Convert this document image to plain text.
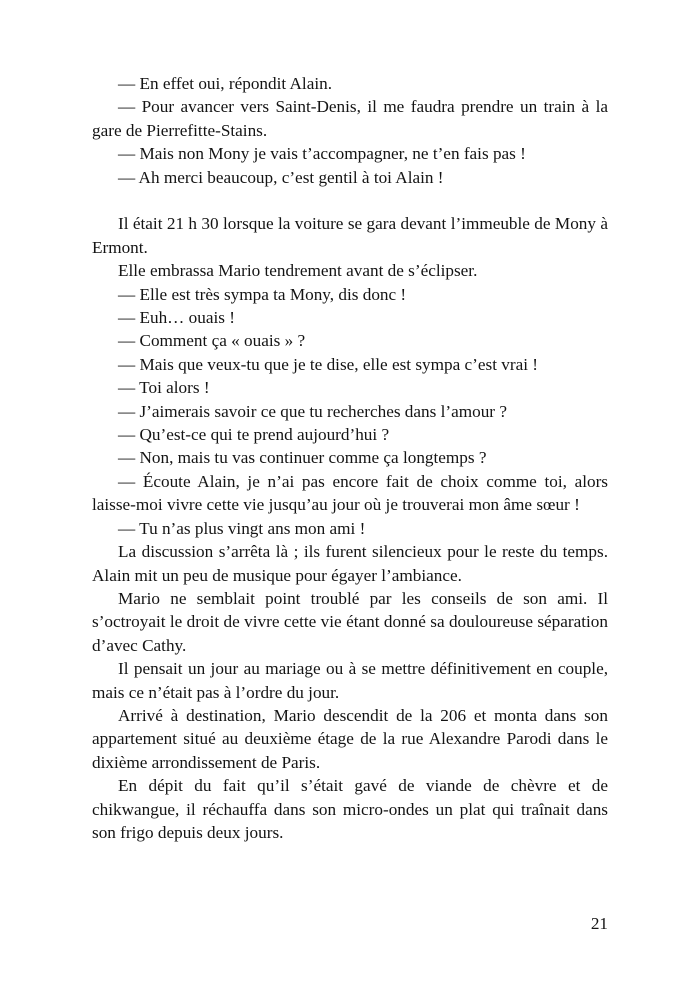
— En effet oui, répondit Alain.

— Pour avancer vers Saint-Denis, il me faudra prendre un train à la gare de Pierrefitte-Stains.

— Mais non Mony je vais t’accompagner, ne t’en fais pas !

— Ah merci beaucoup, c’est gentil à toi Alain !

Il était 21 h 30 lorsque la voiture se gara devant l’immeuble de Mony à Ermont.

Elle embrassa Mario tendrement avant de s’éclipser.

— Elle est très sympa ta Mony, dis donc !

— Euh… ouais !

— Comment ça « ouais » ?

— Mais que veux-tu que je te dise, elle est sympa c’est vrai !

— Toi alors !

— J’aimerais savoir ce que tu recherches dans l’amour ?

— Qu’est-ce qui te prend aujourd’hui ?

— Non, mais tu vas continuer comme ça longtemps ?

— Écoute Alain, je n’ai pas encore fait de choix comme toi, alors laisse-moi vivre cette vie jusqu’au jour où je trouverai mon âme sœur !

— Tu n’as plus vingt ans mon ami !

La discussion s’arrêta là ; ils furent silencieux pour le reste du temps. Alain mit un peu de musique pour égayer l’ambiance.

Mario ne semblait point troublé par les conseils de son ami. Il s’octroyait le droit de vivre cette vie étant donné sa douloureuse séparation d’avec Cathy.

Il pensait un jour au mariage ou à se mettre définitivement en couple, mais ce n’était pas à l’ordre du jour.

Arrivé à destination, Mario descendit de la 206 et monta dans son appartement situé au deuxième étage de la rue Alexandre Parodi dans le dixième arrondissement de Paris.

En dépit du fait qu’il s’était gavé de viande de chèvre et de chikwangue, il réchauffa dans son micro-ondes un plat qui traînait dans son frigo depuis deux jours.

21
